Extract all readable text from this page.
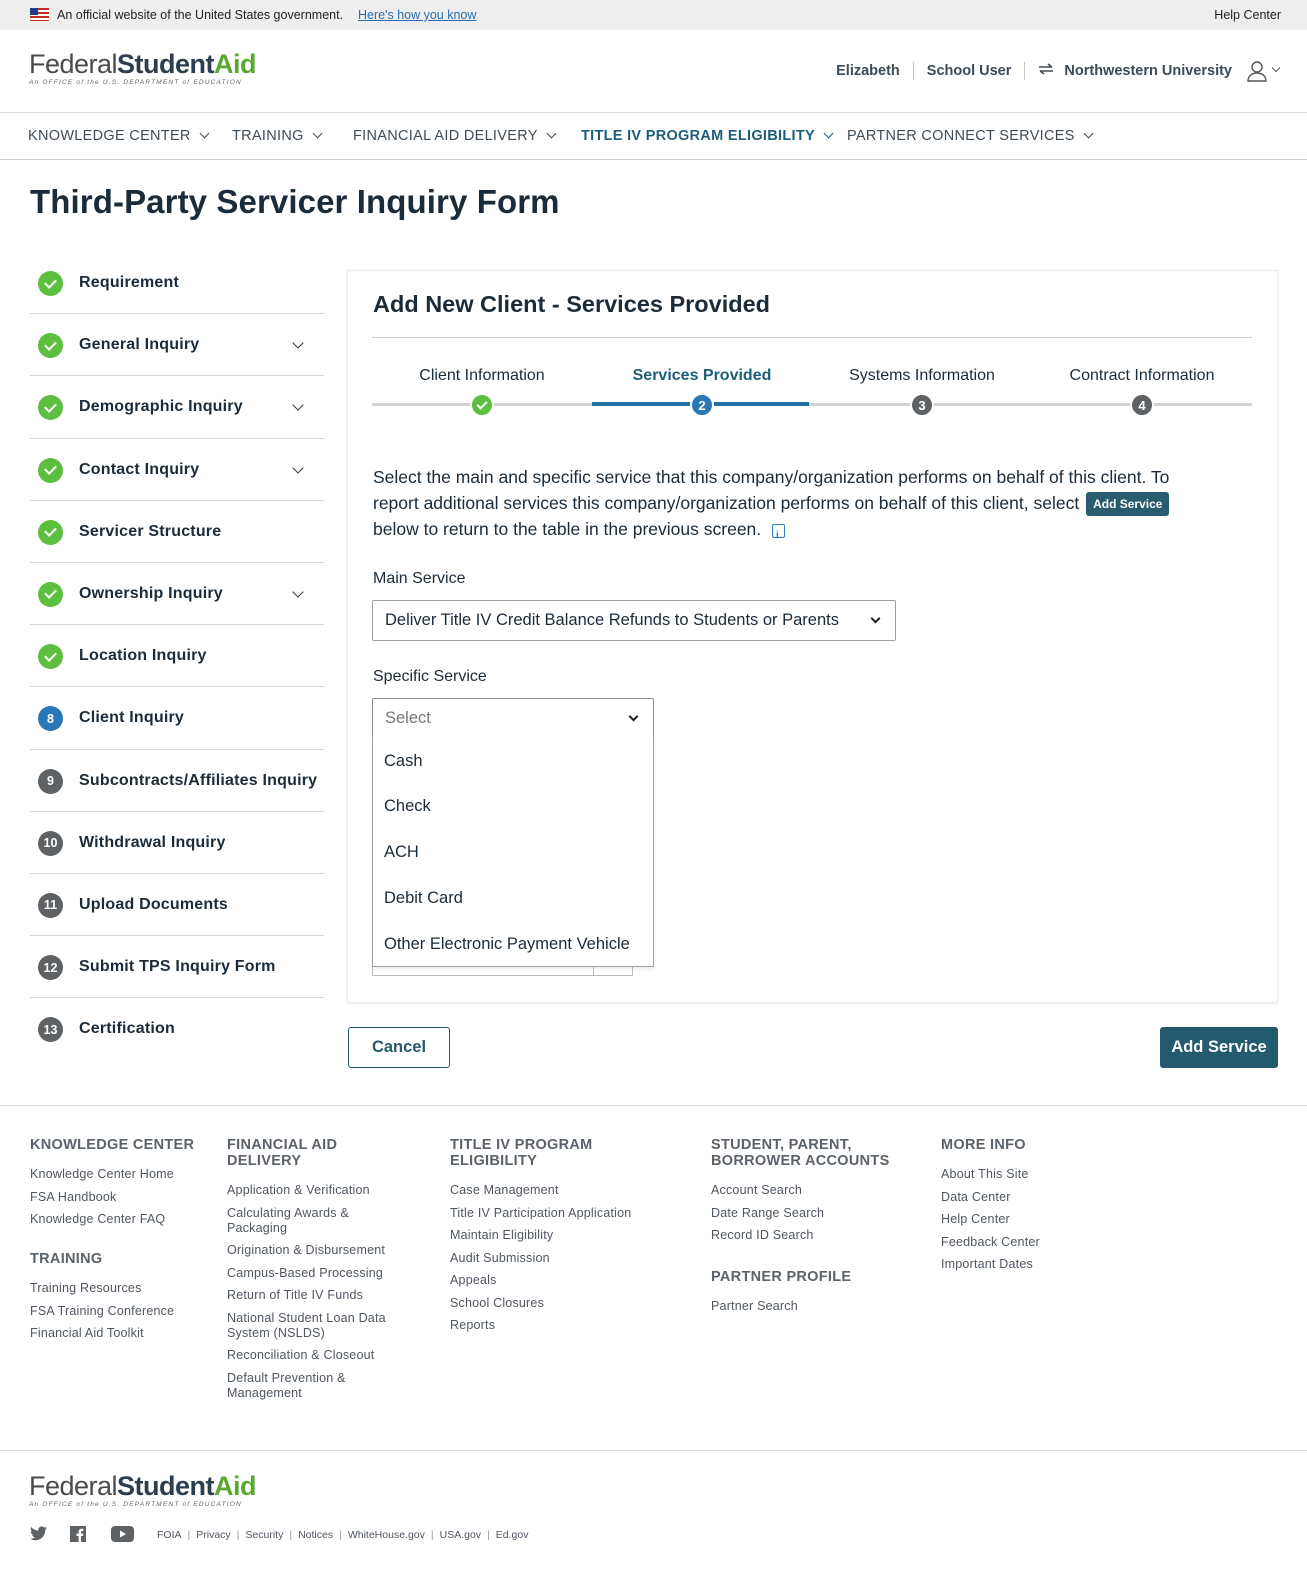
An official website of the United States government. Here's how you know	Help Center
FederalStudentAid
An OFFICE of the U.S. DEPARTMENT of EDUCATION
Elizabeth School User	Northwestern University
KNOWLEDGE CENTER	TRAINING	FINANCIAL AID DELIVERY	TITLE IV PROGRAM ELIGIBILITY	PARTNER CONNECT SERVICES
Third-Party Servicer Inquiry Form
Requirement
General Inquiry
Demographic Inquiry
Contact Inquiry
Servicer Structure
Ownership Inquiry
Location Inquiry
8	Client Inquiry
9	Subcontracts/Affiliates Inquiry
10	Withdrawal Inquiry
11	Upload Documents
12	Submit TPS Inquiry Form
13	Certification
Add New Client - Services Provided
Client Information	Services Provided
2
Systems Information
3
Contract Information
4
Select the main and specific service that this company/organization performs on behalf of this client. To report additional services this company/organization performs on behalf of this client, select Add Service below to return to the table in the previous screen. i
Main Service
Deliver Title IV Credit Balance Refunds to Students or Parents
Specific Service
Select
Cash
Check
ACH
Debit Card
Other Electronic Payment Vehicle
Cancel	Add Service
KNOWLEDGE CENTER
Knowledge Center Home
FSA Handbook
Knowledge Center FAQ
TRAINING
Training Resources
FSA Training Conference
Financial Aid Toolkit
FINANCIAL AID DELIVERY
Application & Verification
Calculating Awards & Packaging
Origination & Disbursement
Campus-Based Processing
Return of Title IV Funds
National Student Loan Data System (NSLDS)
Reconciliation & Closeout
Default Prevention & Management
TITLE IV PROGRAM ELIGIBILITY
Case Management
Title IV Participation Application
Maintain Eligibility
Audit Submission
Appeals
School Closures
Reports
STUDENT, PARENT, BORROWER ACCOUNTS
Account Search
Date Range Search
Record ID Search
PARTNER PROFILE
Partner Search
MORE INFO
About This Site
Data Center
Help Center
Feedback Center
Important Dates
FederalStudentAid
An OFFICE of the U.S. DEPARTMENT of EDUCATION
FOIA | Privacy | Security | Notices | WhiteHouse.gov | USA.gov | Ed.gov
